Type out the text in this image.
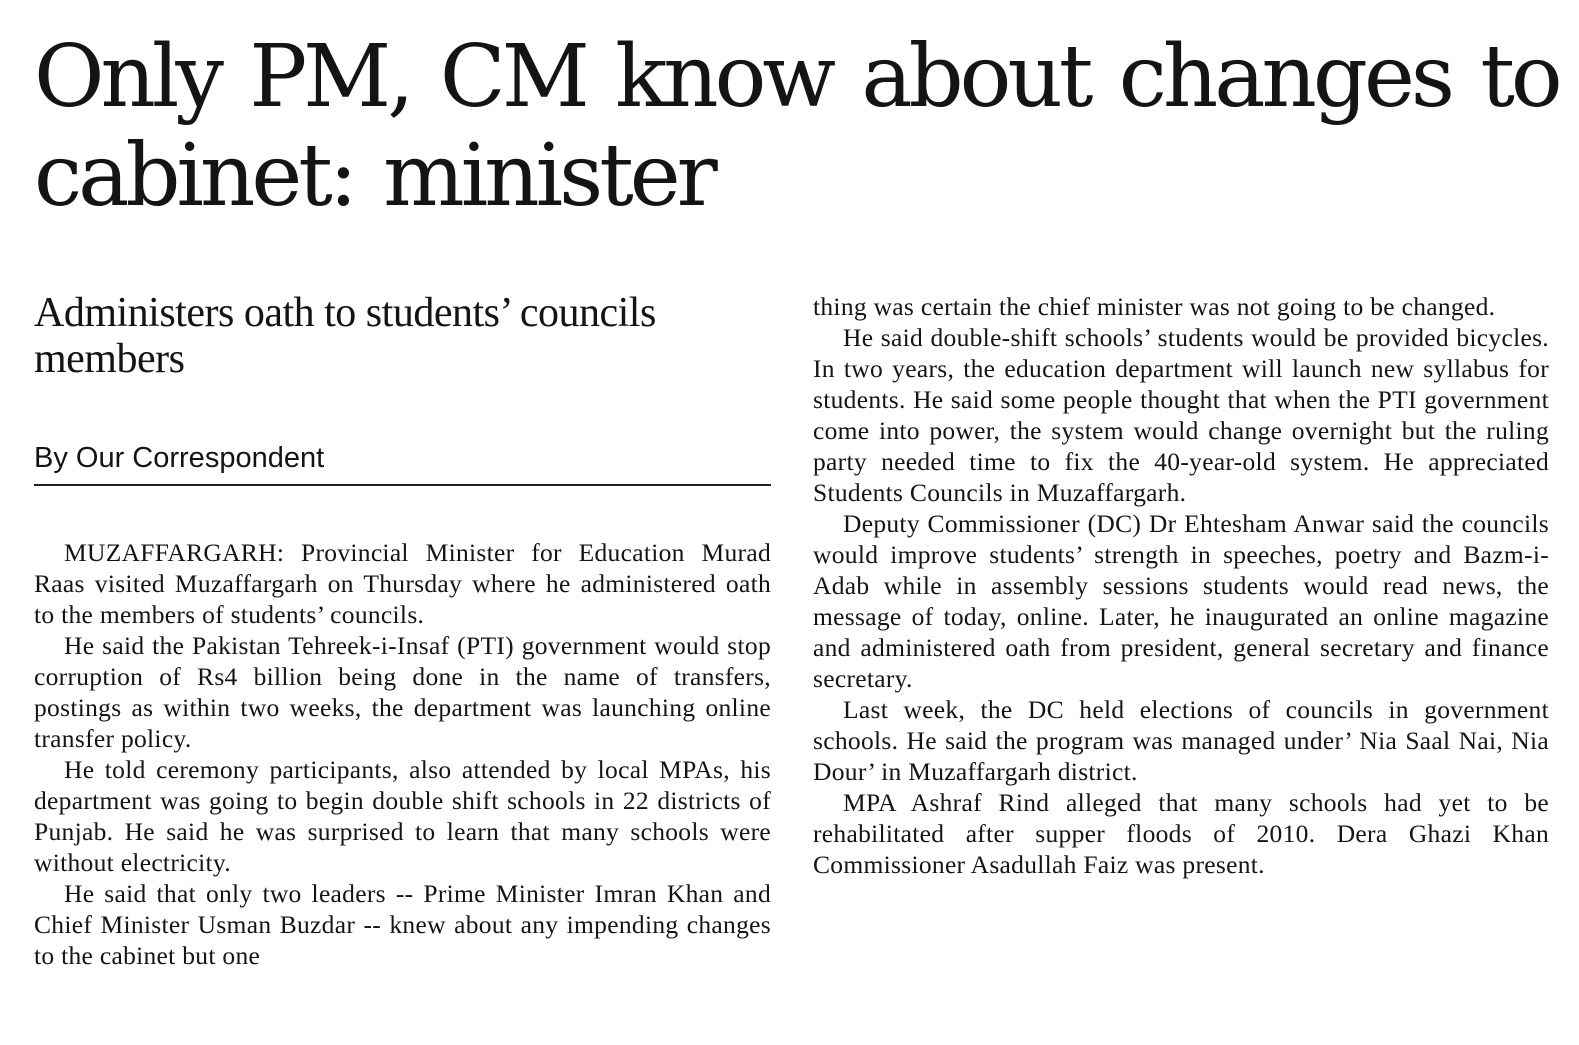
Only PM, CM know about changes to cabinet: minister
Administers oath to students’ councils members
By Our Correspondent

MUZAFFARGARH: Provincial Minister for Education Murad Raas visited Muzaffargarh on Thursday where he administered oath to the members of students’ councils.

He said the Pakistan Tehreek-i-Insaf (PTI) government would stop corruption of Rs4 billion being done in the name of transfers, postings as within two weeks, the department was launching online transfer policy.

He told ceremony participants, also attended by local MPAs, his department was going to begin double shift schools in 22 districts of Punjab. He said he was surprised to learn that many schools were without electricity.

He said that only two leaders -- Prime Minister Imran Khan and Chief Minister Usman Buzdar -- knew about any impending changes to the cabinet but one

thing was certain the chief minister was not going to be changed.

He said double-shift schools’ students would be provided bicycles. In two years, the education department will launch new syllabus for students. He said some people thought that when the PTI government come into power, the system would change overnight but the ruling party needed time to fix the 40-year-old system. He appreciated Students Councils in Muzaffargarh.

Deputy Commissioner (DC) Dr Ehtesham Anwar said the councils would improve students’ strength in speeches, poetry and Bazm-i-Adab while in assembly sessions students would read news, the message of today, online. Later, he inaugurated an online magazine and administered oath from president, general secretary and finance secretary.

Last week, the DC held elections of councils in government schools. He said the program was managed under’ Nia Saal Nai, Nia Dour’ in Muzaffargarh district.

MPA Ashraf Rind alleged that many schools had yet to be rehabilitated after supper floods of 2010. Dera Ghazi Khan Commissioner Asadullah Faiz was present.
